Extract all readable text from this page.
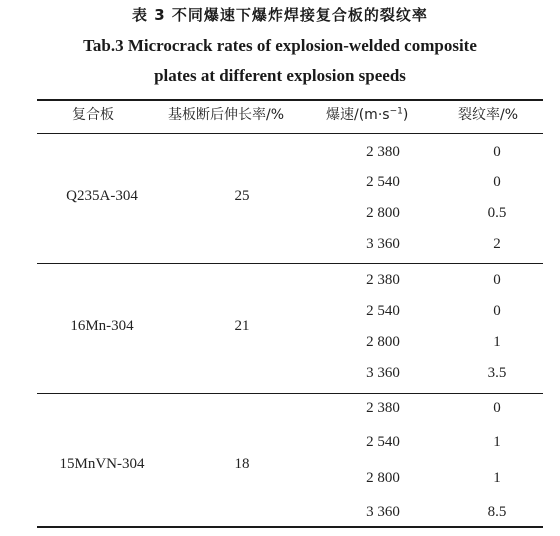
表 3 不同爆速下爆炸焊接复合板的裂纹率
Tab.3 Microcrack rates of explosion-welded composite
plates at different explosion speeds
复合板	基板断后伸长率/%	爆速$/(m\cdot s^{-1})$	裂纹率/%
Q235A-304	25
2 380	0
2 540	0
2 800	0.5
3 360	2
16Mn-304	21
2 380	0
2 540	0
2 800	1
3 360	3.5
15MnVN-304	18
2 380	0
2 540	1
2 800	1
3 360	8.5
